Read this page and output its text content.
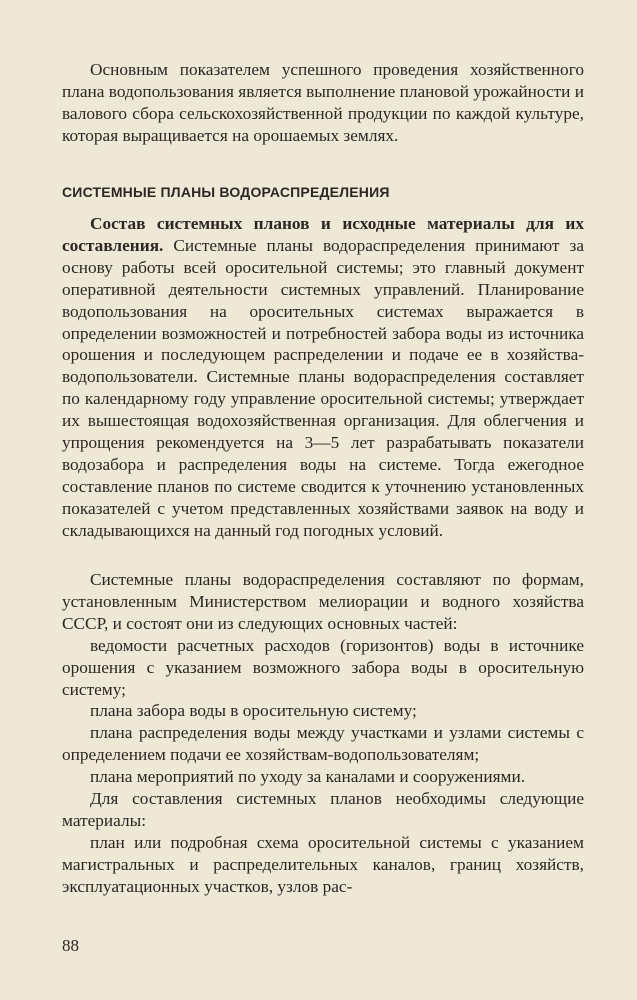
Основным показателем успешного проведения хозяйственного плана водопользования является выполнение плановой урожайности и валового сбора сельскохозяйственной продукции по каждой культуре, которая выращивается на орошаемых землях.

СИСТЕМНЫЕ ПЛАНЫ ВОДОРАСПРЕДЕЛЕНИЯ

Состав системных планов и исходные материалы для их составления. Системные планы водораспределения принимают за основу работы всей оросительной системы; это главный документ оперативной деятельности системных управлений. Планирование водопользования на оросительных системах выражается в определении возможностей и потребностей забора воды из источника орошения и последующем распределении и подаче ее в хозяйства-водопользователи. Системные планы водораспределения составляет по календарному году управление оросительной системы; утверждает их вышестоящая водохозяйственная организация. Для облегчения и упрощения рекомендуется на 3—5 лет разрабатывать показатели водозабора и распределения воды на системе. Тогда ежегодное составление планов по системе сводится к уточнению установленных показателей с учетом представленных хозяйствами заявок на воду и складывающихся на данный год погодных условий.

Системные планы водораспределения составляют по формам, установленным Министерством мелиорации и водного хозяйства СССР, и состоят они из следующих основных частей:

ведомости расчетных расходов (горизонтов) воды в источнике орошения с указанием возможного забора воды в оросительную систему;

плана забора воды в оросительную систему;

плана распределения воды между участками и узлами системы с определением подачи ее хозяйствам-водопользователям;

плана мероприятий по уходу за каналами и сооружениями.

Для составления системных планов необходимы следующие материалы:

план или подробная схема оросительной системы с указанием магистральных и распределительных каналов, границ хозяйств, эксплуатационных участков, узлов рас-

88
